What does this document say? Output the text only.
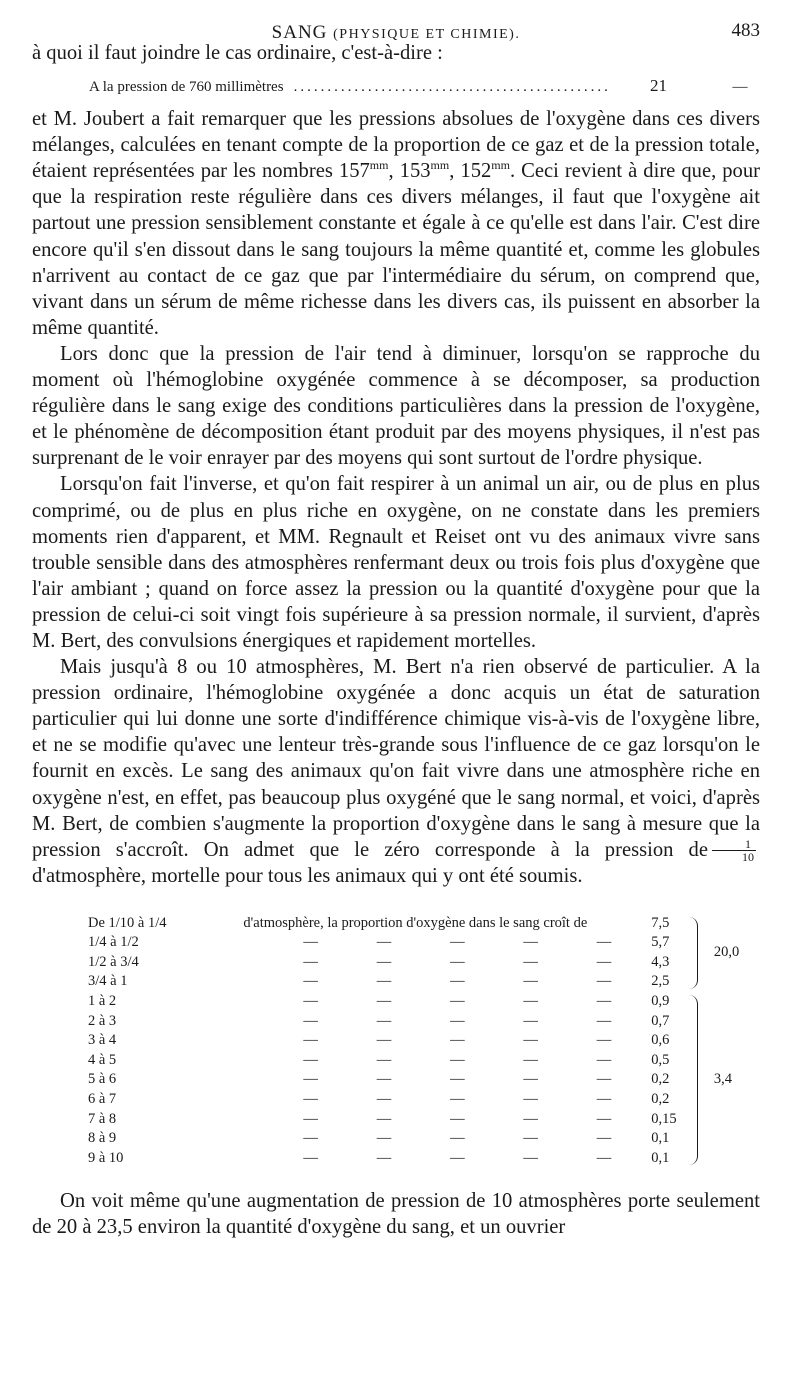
SANG (PHYSIQUE ET CHIMIE).	483

à quoi il faut joindre le cas ordinaire, c'est-à-dire :

A la pression de 760 millimètres ...............................................	21	—

et M. Joubert a fait remarquer que les pressions absolues de l'oxygène dans ces divers mélanges, calculées en tenant compte de la proportion de ce gaz et de la pression totale, étaient représentées par les nombres $157^{mm}$, $153^{mm}$, $152^{mm}$. Ceci revient à dire que, pour que la respiration reste régulière dans ces divers mélanges, il faut que l'oxygène ait partout une pression sensiblement constante et égale à ce qu'elle est dans l'air. C'est dire encore qu'il s'en dissout dans le sang toujours la même quantité et, comme les globules n'arrivent au contact de ce gaz que par l'intermédiaire du sérum, on comprend que, vivant dans un sérum de même richesse dans les divers cas, ils puissent en absorber la même quantité.

Lors donc que la pression de l'air tend à diminuer, lorsqu'on se rapproche du moment où l'hémoglobine oxygénée commence à se décomposer, sa production régulière dans le sang exige des conditions particulières dans la pression de l'oxygène, et le phénomène de décomposition étant produit par des moyens physiques, il n'est pas surprenant de le voir enrayer par des moyens qui sont surtout de l'ordre physique.

Lorsqu'on fait l'inverse, et qu'on fait respirer à un animal un air, ou de plus en plus comprimé, ou de plus en plus riche en oxygène, on ne constate dans les premiers moments rien d'apparent, et MM. Regnault et Reiset ont vu des animaux vivre sans trouble sensible dans des atmosphères renfermant deux ou trois fois plus d'oxygène que l'air ambiant ; quand on force assez la pression ou la quantité d'oxygène pour que la pression de celui-ci soit vingt fois supérieure à sa pression normale, il survient, d'après M. Bert, des convulsions énergiques et rapidement mortelles.

Mais jusqu'à 8 ou 10 atmosphères, M. Bert n'a rien observé de particulier. A la pression ordinaire, l'hémoglobine oxygénée a donc acquis un état de saturation particulier qui lui donne une sorte d'indifférence chimique vis-à-vis de l'oxygène libre, et ne se modifie qu'avec une lenteur très-grande sous l'influence de ce gaz lorsqu'on le fournit en excès. Le sang des animaux qu'on fait vivre dans une atmosphère riche en oxygène n'est, en effet, pas beaucoup plus oxygéné que le sang normal, et voici, d'après M. Bert, de combien s'augmente la proportion d'oxygène dans le sang à mesure que la pression s'accroît. On admet que le zéro corresponde à la pression de $\frac{1}{10}$
d'atmosphère, mortelle pour tous les animaux qui y ont été soumis.

De 1/10 à 1/4	d'atmosphère, la proportion d'oxygène dans le sang croît de	7,5		20,0
1/4 à 1/2	— — — — —	5,7		
1/2 à 3/4	— — — — —	4,3		
3/4 à 1	— — — — —	2,5		
1 à 2	— — — — —	0,9		3,4
2 à 3	— — — — —	0,7		
3 à 4	— — — — —	0,6		
4 à 5	— — — — —	0,5		
5 à 6	— — — — —	0,2		
6 à 7	— — — — —	0,2		
7 à 8	— — — — —	0,15		
8 à 9	— — — — —	0,1		
9 à 10	— — — — —	0,1		

On voit même qu'une augmentation de pression de 10 atmosphères porte seulement de 20 à 23,5 environ la quantité d'oxygène du sang, et un ouvrier
